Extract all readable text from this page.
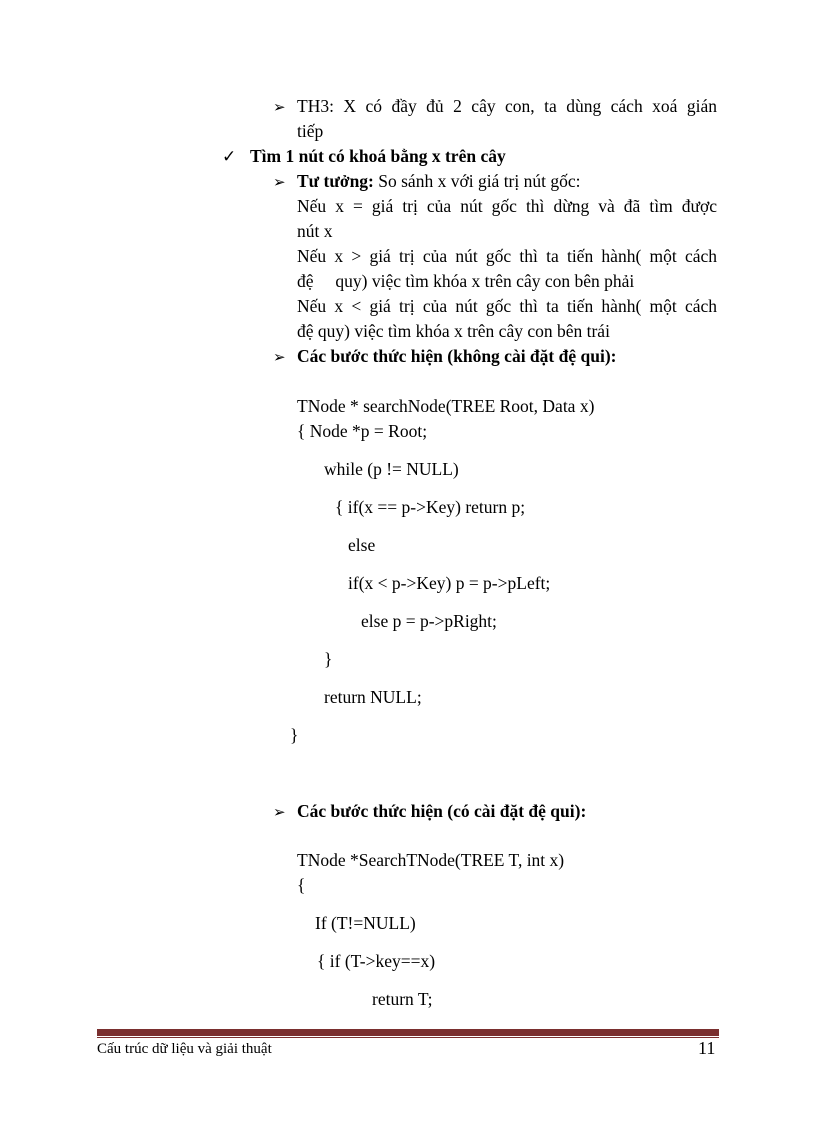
➢ TH3: X có đầy đủ 2 cây con, ta dùng cách xoá gián
tiếp
✓ Tìm 1 nút có khoá bằng x trên cây
➢ Tư tưởng: So sánh x với giá trị nút gốc:
Nếu x = giá trị của nút gốc thì dừng và đã tìm được
nút x
Nếu x > giá trị của nút gốc thì ta tiến hành( một cách
đệ     quy) việc tìm khóa x trên cây con bên phải
Nếu x < giá trị của nút gốc thì ta tiến hành( một cách
đệ quy) việc tìm khóa x trên cây con bên trái
➢ Các bước thức hiện (không cài đặt đệ qui):
TNode * searchNode(TREE Root, Data x)
{ Node *p = Root;
while (p != NULL)
{ if(x == p->Key) return p;
else
if(x < p->Key) p = p->pLeft;
else p = p->pRight;
}
return NULL;
}
➢ Các bước thức hiện (có cài đặt đệ qui):
TNode *SearchTNode(TREE T, int x)
{
If (T!=NULL)
{ if (T->key==x)
return T;
Cấu trúc dữ liệu và giải thuật	11
